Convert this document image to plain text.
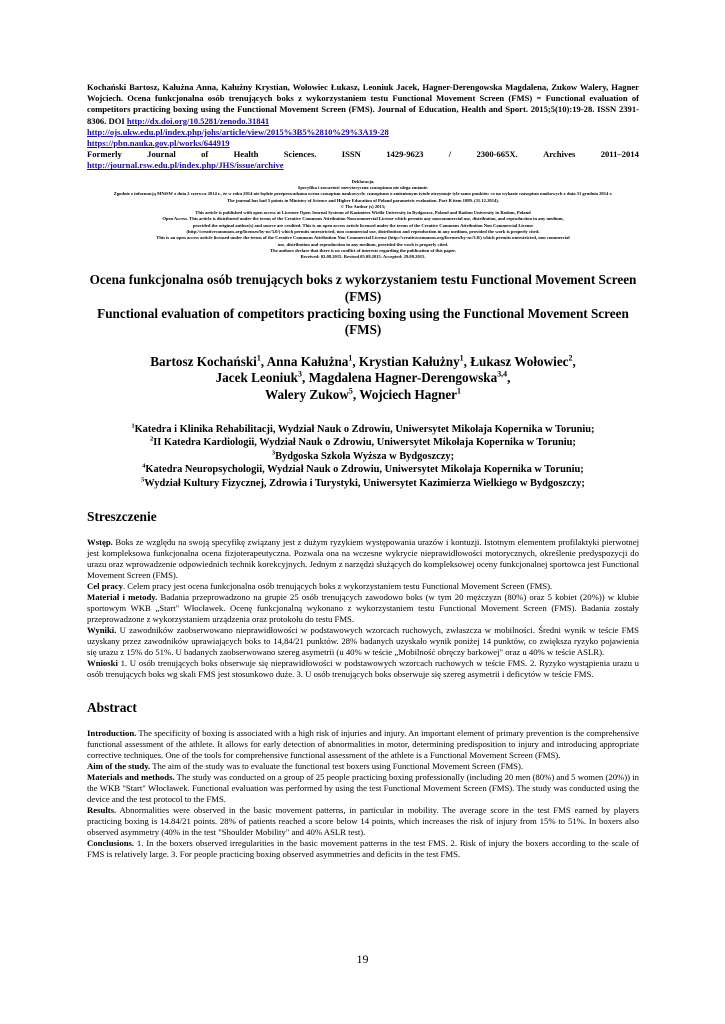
Kochański Bartosz, Kałużna Anna, Kałużny Krystian, Wołowiec Łukasz, Leoniuk Jacek, Hagner-Derengowska Magdalena, Zukow Walery, Hagner Wojciech. Ocena funkcjonalna osób trenujących boks z wykorzystaniem testu Functional Movement Screen (FMS) = Functional evaluation of competitors practicing boxing using the Functional Movement Screen (FMS). Journal of Education, Health and Sport. 2015;5(10):19-28. ISSN 2391-8306. DOI http://dx.doi.org/10.5281/zenodo.31841
http://ojs.ukw.edu.pl/index.php/johs/article/view/2015%3B5%2810%29%3A19-28
https://pbn.nauka.gov.pl/works/644919
Formerly	Journal	of	Health	Sciences.	ISSN	1429-9623	/	2300-665X.	Archives	2011–2014
http://journal.rsw.edu.pl/index.php/JHS/issue/archive
Deklaracja.
Specyfika i zawartość merytoryczna czasopisma nie ulega zmianie.
Zgodnie z informacją MNiSW z dnia 2 czerwca 2014 r., że w roku 2014 nie będzie przeprowadzana ocena czasopism naukowych; czasopismo o zmienionym tytule otrzymuje tyle samo punktów co na wykazie czasopism naukowych z dnia 31 grudnia 2014 r.
The journal has had 5 points in Ministry of Science and Higher Education of Poland parametric evaluation. Part B item 1089. (31.12.2014).
© The Author (s) 2015;
This article is published with open access at Licensee Open Journal Systems of Kazimierz Wielki University in Bydgoszcz, Poland and Radom University in Radom, Poland
Open Access. This article is distributed under the terms of the Creative Commons Attribution Noncommercial License which permits any noncommercial use, distribution, and reproduction in any medium,
provided the original author(s) and source are credited. This is an open access article licensed under the terms of the Creative Commons Attribution Non Commercial License
(http://creativecommons.org/licenses/by-nc/3.0/) which permits unrestricted, non commercial use, distribution and reproduction in any medium, provided the work is properly cited.
This is an open access article licensed under the terms of the Creative Commons Attribution Non Commercial License (http://creativecommons.org/licenses/by-nc/3.0/) which permits unrestricted, non commercial
use, distribution and reproduction in any medium, provided the work is properly cited.
The authors declare that there is no conflict of interests regarding the publication of this paper.
Received: 02.08.2015. Revised 05.09.2015. Accepted: 29.09.2015.
Ocena funkcjonalna osób trenujących boks z wykorzystaniem testu Functional Movement Screen (FMS)
Functional evaluation of competitors practicing boxing using the Functional Movement Screen (FMS)
Bartosz Kochański$^1$, Anna Kałużna$^1$, Krystian Kałużny$^1$, Łukasz Wołowiec$^2$,
Jacek Leoniuk$^3$, Magdalena Hagner-Derengowska$^{3,4}$,
Walery Zukow$^5$, Wojciech Hagner$^1$
$^1$Katedra i Klinika Rehabilitacji, Wydział Nauk o Zdrowiu, Uniwersytet Mikołaja Kopernika w Toruniu;
$^2$II Katedra Kardiologii, Wydział Nauk o Zdrowiu, Uniwersytet Mikołaja Kopernika w Toruniu;
$^3$Bydgoska Szkoła Wyższa w Bydgoszczy;
$^4$Katedra Neuropsychologii, Wydział Nauk o Zdrowiu, Uniwersytet Mikołaja Kopernika w Toruniu;
$^5$Wydział Kultury Fizycznej, Zdrowia i Turystyki, Uniwersytet Kazimierza Wielkiego w Bydgoszczy;
Streszczenie

Wstęp. Boks ze względu na swoją specyfikę związany jest z dużym ryzykiem występowania urazów i kontuzji. Istotnym elementem profilaktyki pierwotnej jest kompleksowa funkcjonalna ocena fizjoterapeutyczna. Pozwala ona na wczesne wykrycie nieprawidłowości motorycznych, określenie predyspozycji do urazu oraz wprowadzenie odpowiednich technik korekcyjnych. Jednym z narzędzi służących do kompleksowej oceny funkcjonalnej sportowca jest Functional Movement Screen (FMS).

Cel pracy. Celem pracy jest ocena funkcjonalna osób trenujących boks z wykorzystaniem testu Functional Movement Screen (FMS).

Materiał i metody. Badania przeprowadzono na grupie 25 osób trenujących zawodowo boks (w tym 20 mężczyzn (80%) oraz 5 kobiet (20%)) w klubie sportowym WKB „Start" Włocławek. Ocenę funkcjonalną wykonano z wykorzystaniem testu Functional Movement Screen (FMS). Badania zostały przeprowadzone z wykorzystaniem urządzenia oraz protokołu do testu FMS.

Wyniki. U zawodników zaobserwowano nieprawidłowości w podstawowych wzorcach ruchowych, zwłaszcza w mobilności. Średni wynik w teście FMS uzyskany przez zawodników uprawiających boks to 14,84/21 punktów. 28% badanych uzyskało wynik poniżej 14 punktów, co zwiększa ryzyko pojawienia się urazu z 15% do 51%. U badanych zaobserwowano szereg asymetrii (u 40% w teście „Mobilność obręczy barkowej" oraz u 40% w teście ASLR).

Wnioski 1. U osób trenujących boks obserwuje się nieprawidłowości w podstawowych wzorcach ruchowych w teście FMS. 2. Ryzyko wystąpienia urazu u osób trenujących boks wg skali FMS jest stosunkowo duże. 3. U osób trenujących boks obserwuje się szereg asymetrii i deficytów w teście FMS.

Abstract

Introduction. The specificity of boxing is associated with a high risk of injuries and injury. An important element of primary prevention is the comprehensive functional assessment of the athlete. It allows for early detection of abnormalities in motor, determining predisposition to injury and introducing appropriate corrective techniques. One of the tools for comprehensive functional assessment of the athlete is a Functional Movement Screen (FMS).

Aim of the study. The aim of the study was to evaluate the functional test boxers using Functional Movement Screen (FMS).

Materials and methods. The study was conducted on a group of 25 people practicing boxing professionally (including 20 men (80%) and 5 women (20%)) in the WKB "Start" Włocławek. Functional evaluation was performed by using the test Functional Movement Screen (FMS). The study was conducted using the device and the test protocol to the FMS.

Results. Abnormalities were observed in the basic movement patterns, in particular in mobility. The average score in the test FMS earned by players practicing boxing is 14.84/21 points. 28% of patients reached a score below 14 points, which increases the risk of injury from 15% to 51%. In boxers also observed asymmetry (40% in the test "Shoulder Mobility" and 40% ASLR test).

Conclusions. 1. In the boxers observed irregularities in the basic movement patterns in the test FMS. 2. Risk of injury the boxers according to the scale of FMS is relatively large. 3. For people practicing boxing observed asymmetries and deficits in the test FMS.

19
